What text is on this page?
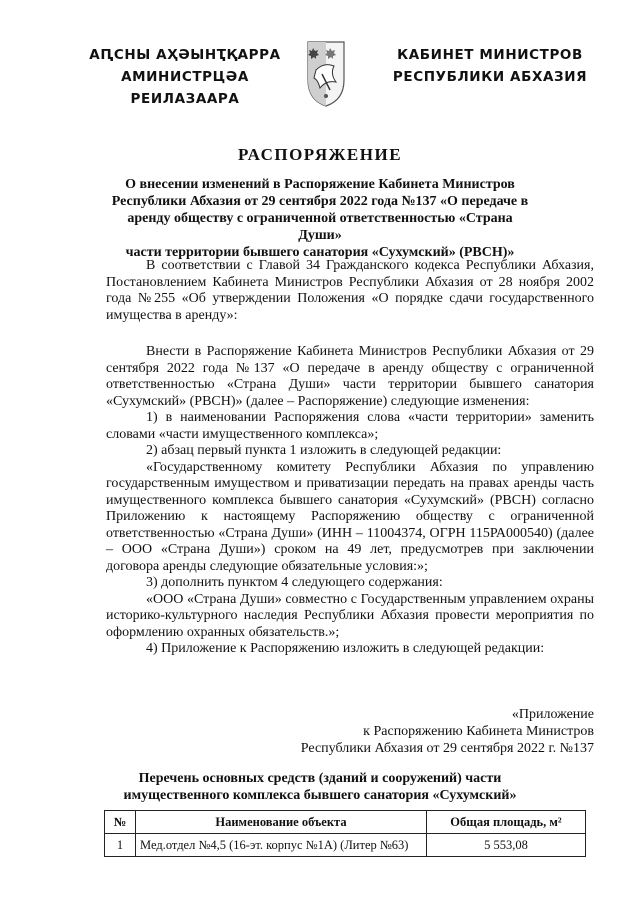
АԤСНЫ АҲӘЫНҬҚАРРА
АМИНИСТРЦӘА РЕИЛАЗААРА
КАБИНЕТ МИНИСТРОВ
РЕСПУБЛИКИ АБХАЗИЯ
РАСПОРЯЖЕНИЕ
О внесении изменений в Распоряжение Кабинета Министров
Республики Абхазия от 29 сентября 2022 года №137 «О передаче в
аренду обществу с ограниченной ответственностью «Страна Души»
части территории бывшего санатория «Сухумский» (РВСН)»

В соответствии с Главой 34 Гражданского кодекса Республики Абхазия, Постановлением Кабинета Министров Республики Абхазия от 28 ноября 2002 года №255 «Об утверждении Положения «О порядке сдачи государственного имущества в аренду»:

Внести в Распоряжение Кабинета Министров Республики Абхазия от 29 сентября 2022 года №137 «О передаче в аренду обществу с ограниченной ответственностью «Страна Души» части территории бывшего санатория «Сухумский» (РВСН)» (далее – Распоряжение) следующие изменения:

1) в наименовании Распоряжения слова «части территории» заменить словами «части имущественного комплекса»;

2) абзац первый пункта 1 изложить в следующей редакции:

«Государственному комитету Республики Абхазия по управлению государственным имуществом и приватизации передать на правах аренды часть имущественного комплекса бывшего санатория «Сухумский» (РВСН) согласно Приложению к настоящему Распоряжению обществу с ограниченной ответственностью «Страна Души» (ИНН – 11004374, ОГРН 115РА000540) (далее – ООО «Страна Души») сроком на 49 лет, предусмотрев при заключении договора аренды следующие обязательные условия:»;

3) дополнить пунктом 4 следующего содержания:

«ООО «Страна Души» совместно с Государственным управлением охраны историко-культурного наследия Республики Абхазия провести мероприятия по оформлению охранных обязательств.»;

4) Приложение к Распоряжению изложить в следующей редакции:

«Приложение
к Распоряжению Кабинета Министров
Республики Абхазия от 29 сентября 2022 г. №137
Перечень основных средств (зданий и сооружений) части
имущественного комплекса бывшего санатория «Сухумский»
№	Наименование объекта	Общая площадь, м²
1	Мед.отдел №4,5 (16-эт. корпус №1А) (Литер №63)	5 553,08
